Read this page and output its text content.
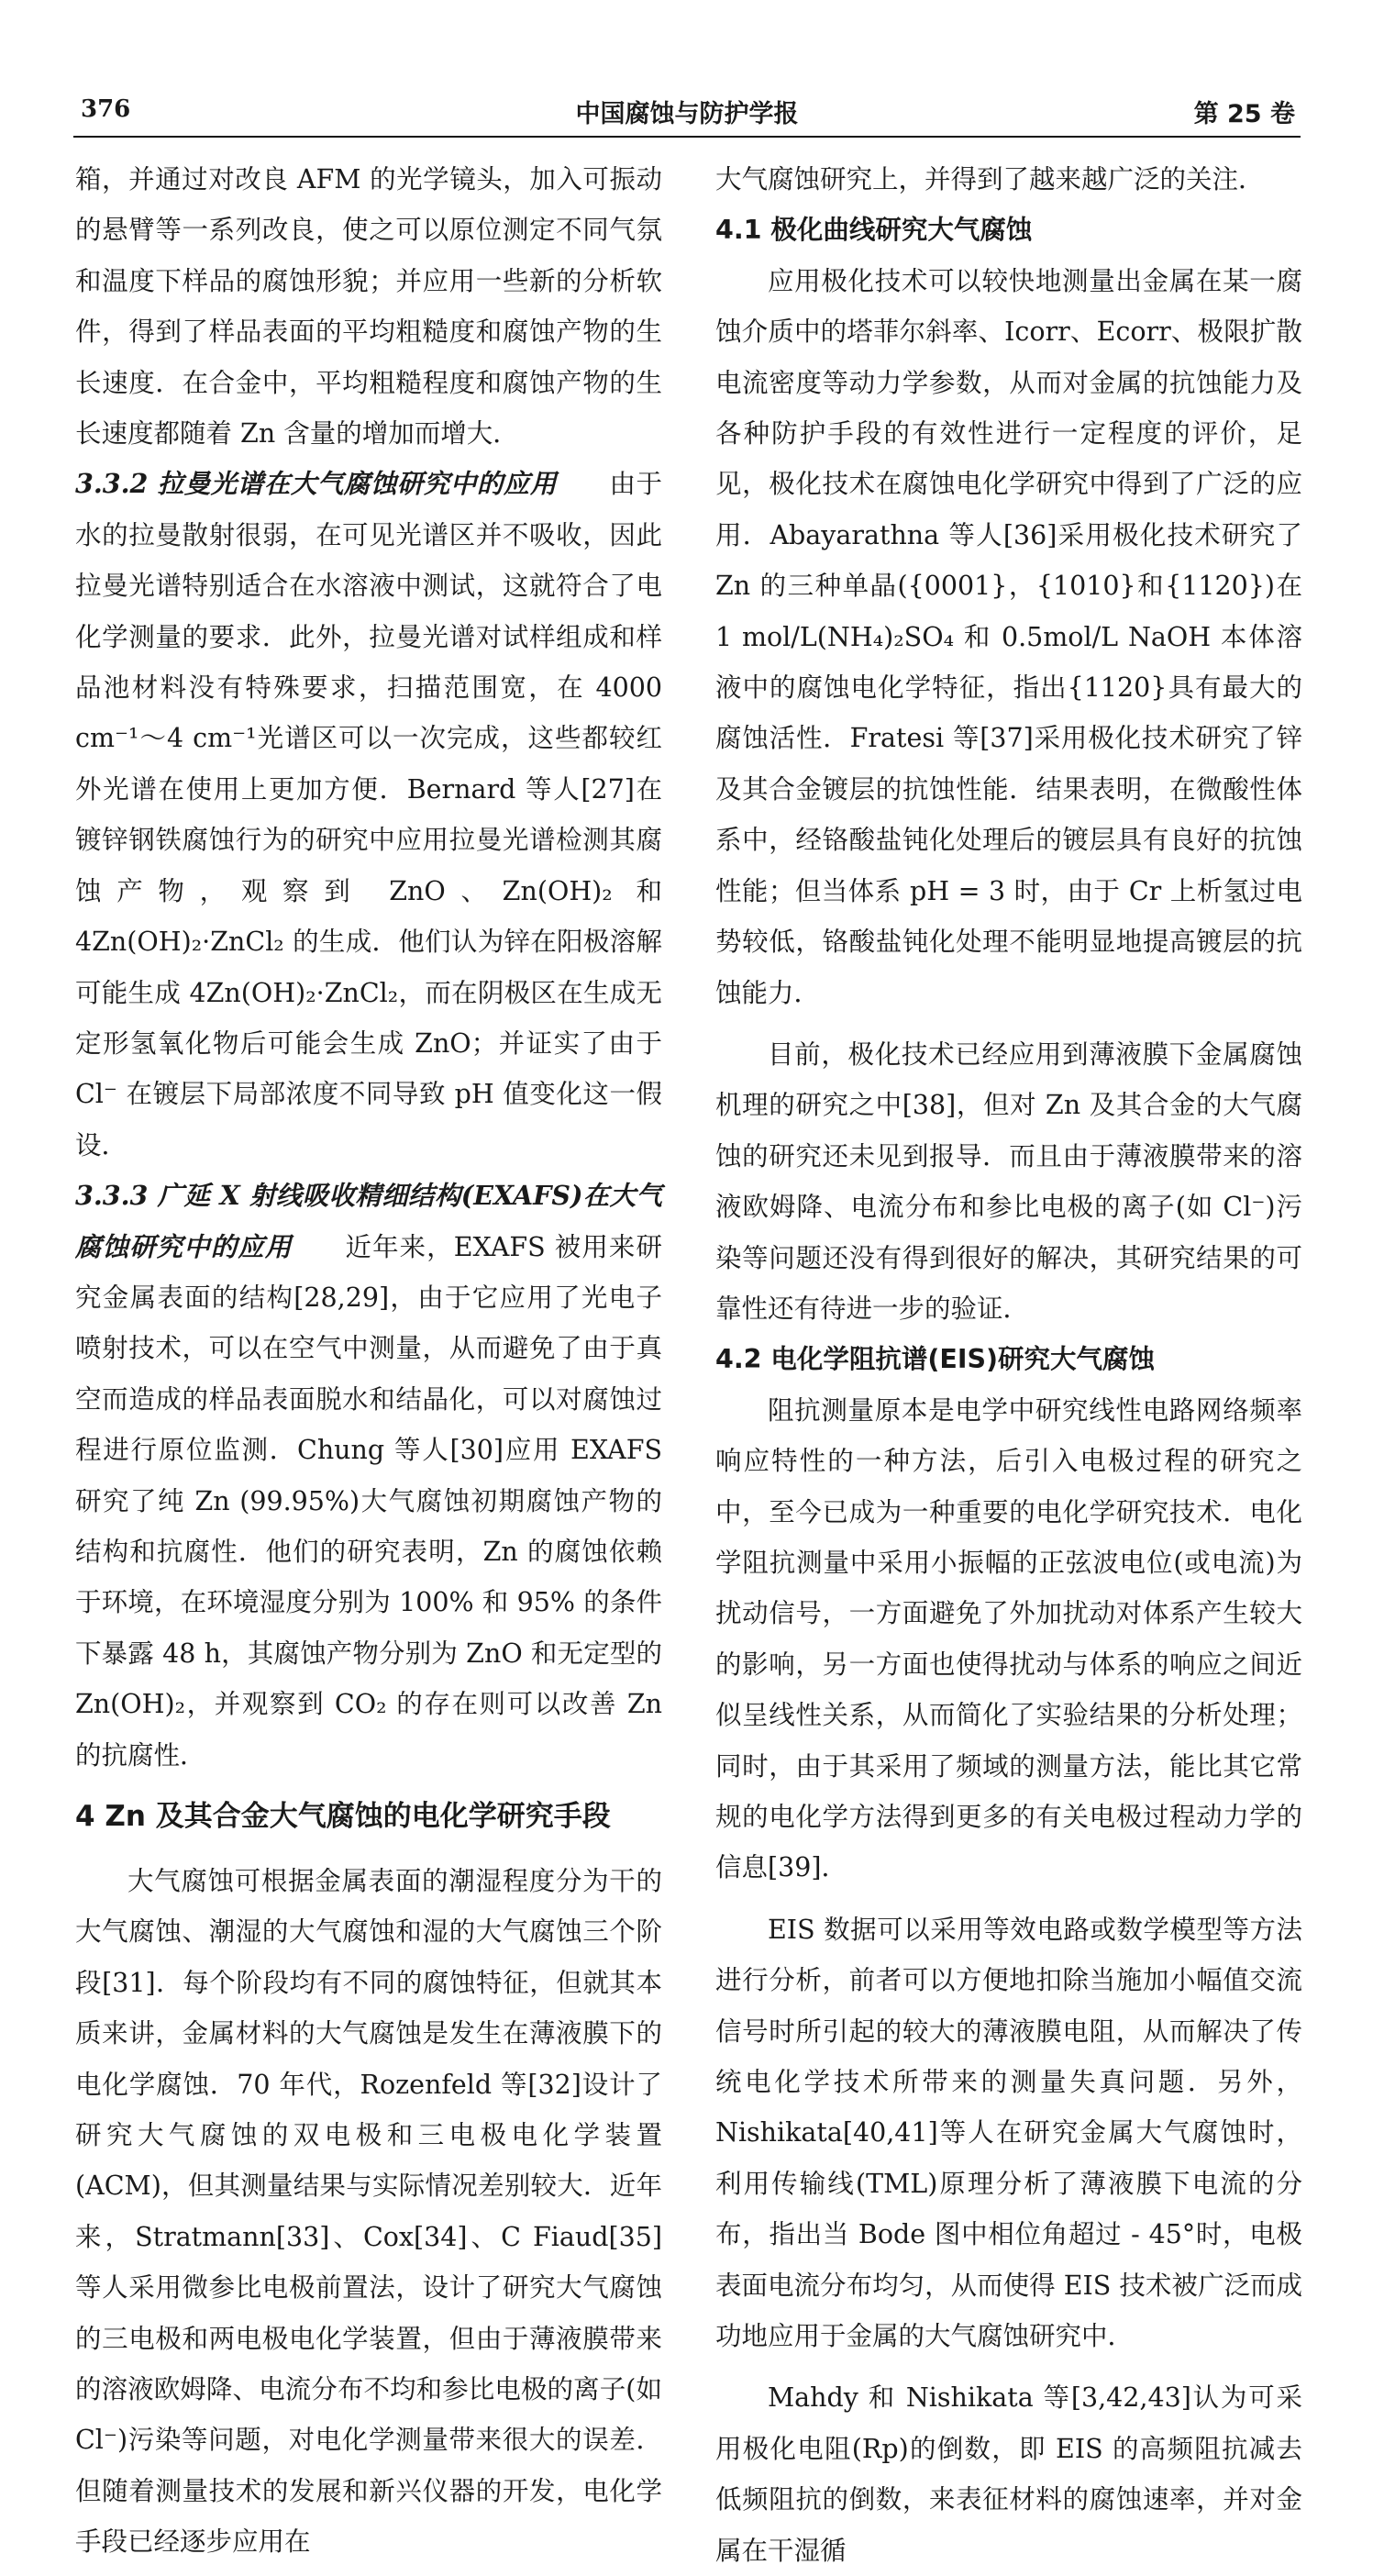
376	中国腐蚀与防护学报	第 25 卷

箱，并通过对改良 AFM 的光学镜头，加入可振动的悬臂等一系列改良，使之可以原位测定不同气氛和温度下样品的腐蚀形貌；并应用一些新的分析软件，得到了样品表面的平均粗糙度和腐蚀产物的生长速度．在合金中，平均粗糙程度和腐蚀产物的生长速度都随着 Zn 含量的增加而增大．

3.3.2 拉曼光谱在大气腐蚀研究中的应用 由于水的拉曼散射很弱，在可见光谱区并不吸收，因此拉曼光谱特别适合在水溶液中测试，这就符合了电化学测量的要求．此外，拉曼光谱对试样组成和样品池材料没有特殊要求，扫描范围宽，在 4000 cm⁻¹～4 cm⁻¹光谱区可以一次完成，这些都较红外光谱在使用上更加方便．Bernard 等人[27]在镀锌钢铁腐蚀行为的研究中应用拉曼光谱检测其腐蚀产物，观察到 ZnO、Zn(OH)₂ 和 4Zn(OH)₂·ZnCl₂ 的生成．他们认为锌在阳极溶解可能生成 4Zn(OH)₂·ZnCl₂，而在阴极区在生成无定形氢氧化物后可能会生成 ZnO；并证实了由于 Cl⁻ 在镀层下局部浓度不同导致 pH 值变化这一假设．

3.3.3 广延 X 射线吸收精细结构(EXAFS)在大气腐蚀研究中的应用 近年来，EXAFS 被用来研究金属表面的结构[28,29]，由于它应用了光电子喷射技术，可以在空气中测量，从而避免了由于真空而造成的样品表面脱水和结晶化，可以对腐蚀过程进行原位监测．Chung 等人[30]应用 EXAFS 研究了纯 Zn (99.95%)大气腐蚀初期腐蚀产物的结构和抗腐性．他们的研究表明，Zn 的腐蚀依赖于环境，在环境湿度分别为 100% 和 95% 的条件下暴露 48 h，其腐蚀产物分别为 ZnO 和无定型的 Zn(OH)₂，并观察到 CO₂ 的存在则可以改善 Zn 的抗腐性．

4 Zn 及其合金大气腐蚀的电化学研究手段

大气腐蚀可根据金属表面的潮湿程度分为干的大气腐蚀、潮湿的大气腐蚀和湿的大气腐蚀三个阶段[31]．每个阶段均有不同的腐蚀特征，但就其本质来讲，金属材料的大气腐蚀是发生在薄液膜下的电化学腐蚀．70 年代，Rozenfeld 等[32]设计了研究大气腐蚀的双电极和三电极电化学装置(ACM)，但其测量结果与实际情况差别较大．近年来，Stratmann[33]、Cox[34]、C Fiaud[35]等人采用微参比电极前置法，设计了研究大气腐蚀的三电极和两电极电化学装置，但由于薄液膜带来的溶液欧姆降、电流分布不均和参比电极的离子(如 Cl⁻)污染等问题，对电化学测量带来很大的误差．但随着测量技术的发展和新兴仪器的开发，电化学手段已经逐步应用在

大气腐蚀研究上，并得到了越来越广泛的关注．

4.1 极化曲线研究大气腐蚀

应用极化技术可以较快地测量出金属在某一腐蚀介质中的塔菲尔斜率、Icorr、Ecorr、极限扩散电流密度等动力学参数，从而对金属的抗蚀能力及各种防护手段的有效性进行一定程度的评价，足见，极化技术在腐蚀电化学研究中得到了广泛的应用．Abayarathna 等人[36]采用极化技术研究了 Zn 的三种单晶({0001}，{1010}和{1120})在 1 mol/L(NH₄)₂SO₄ 和 0.5mol/L NaOH 本体溶液中的腐蚀电化学特征，指出{1120}具有最大的腐蚀活性．Fratesi 等[37]采用极化技术研究了锌及其合金镀层的抗蚀性能．结果表明，在微酸性体系中，经铬酸盐钝化处理后的镀层具有良好的抗蚀性能；但当体系 pH = 3 时，由于 Cr 上析氢过电势较低，铬酸盐钝化处理不能明显地提高镀层的抗蚀能力．

目前，极化技术已经应用到薄液膜下金属腐蚀机理的研究之中[38]，但对 Zn 及其合金的大气腐蚀的研究还未见到报导．而且由于薄液膜带来的溶液欧姆降、电流分布和参比电极的离子(如 Cl⁻)污染等问题还没有得到很好的解决，其研究结果的可靠性还有待进一步的验证．

4.2 电化学阻抗谱(EIS)研究大气腐蚀

阻抗测量原本是电学中研究线性电路网络频率响应特性的一种方法，后引入电极过程的研究之中，至今已成为一种重要的电化学研究技术．电化学阻抗测量中采用小振幅的正弦波电位(或电流)为扰动信号，一方面避免了外加扰动对体系产生较大的影响，另一方面也使得扰动与体系的响应之间近似呈线性关系，从而简化了实验结果的分析处理；同时，由于其采用了频域的测量方法，能比其它常规的电化学方法得到更多的有关电极过程动力学的信息[39]．

EIS 数据可以采用等效电路或数学模型等方法进行分析，前者可以方便地扣除当施加小幅值交流信号时所引起的较大的薄液膜电阻，从而解决了传统电化学技术所带来的测量失真问题．另外，Nishikata[40,41]等人在研究金属大气腐蚀时，利用传输线(TML)原理分析了薄液膜下电流的分布，指出当 Bode 图中相位角超过 - 45°时，电极表面电流分布均匀，从而使得 EIS 技术被广泛而成功地应用于金属的大气腐蚀研究中．

Mahdy 和 Nishikata 等[3,42,43]认为可采用极化电阻(Rp)的倒数，即 EIS 的高频阻抗减去低频阻抗的倒数，来表征材料的腐蚀速率，并对金属在干湿循
